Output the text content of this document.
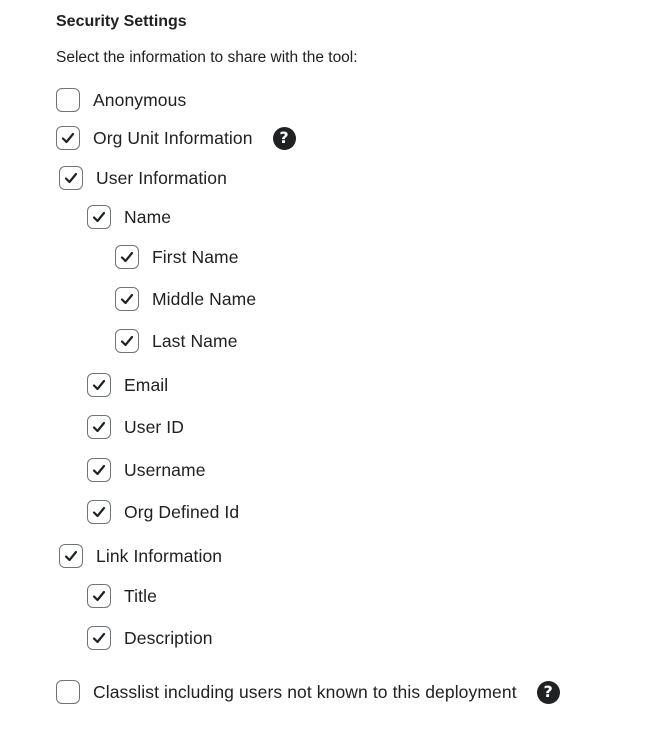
Security Settings

Select the information to share with the tool:

Anonymous
Org Unit Information ?
User Information
Name
First Name
Middle Name
Last Name
Email
User ID
Username
Org Defined Id
Link Information
Title
Description
Classlist including users not known to this deployment ?
